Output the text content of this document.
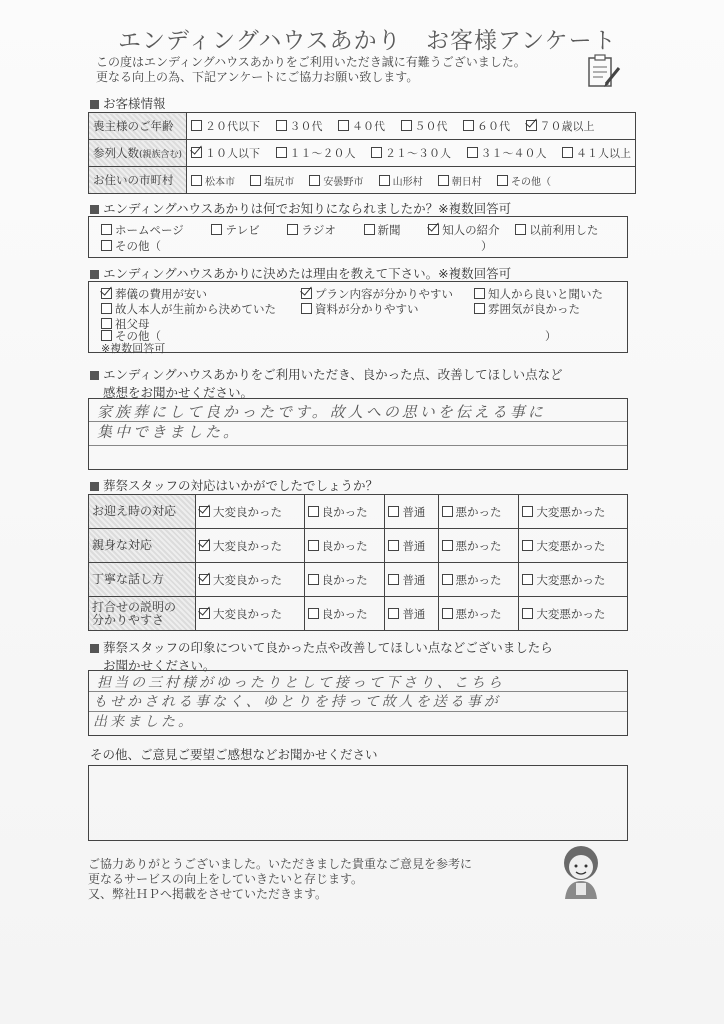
エンディングハウスあかり お客様アンケート
この度はエンディングハウスあかりをご利用いただき誠に有難うございました。
更なる向上の為、下記アンケートにご協力お願い致します。
お客様情報
喪主様のご年齢	２０代以下 ３０代 ４０代 ５０代 ６０代 ７０歳以上
参列人数(親族含む)	１０人以下 １１～２０人 ２１～３０人 ３１～４０人 ４１人以上
お住いの市町村	松本市 塩尻市 安曇野市 山形村 朝日村 その他（
エンディングハウスあかりは何でお知りになられましたか？※複数回答可
ホームページ	テレビ	ラジオ	新聞	知人の紹介	以前利用した
その他（	）
エンディングハウスあかりに決めたは理由を教えて下さい。※複数回答可
葬儀の費用が安い	プラン内容が分かりやすい	知人から良いと聞いた
故人本人が生前から決めていた	資料が分かりやすい	雰囲気が良かった
祖父母
その他（	）
※複数回答可
エンディングハウスあかりをご利用いただき、良かった点、改善してほしい点など
感想をお聞かせください。
家族葬にして良かったです。故人への思いを伝える事に
集中できました。
葬祭スタッフの対応はいかがでしたでしょうか？
お迎え時の対応	大変良かった	良かった	普通	悪かった	大変悪かった

親身な対応	大変良かった	良かった	普通	悪かった	大変悪かった

丁寧な話し方	大変良かった	良かった	普通	悪かった	大変悪かった

打合せの説明の
分かりやすさ	大変良かった	良かった	普通	悪かった	大変悪かった
葬祭スタッフの印象について良かった点や改善してほしい点などございましたら
お聞かせください。
担当の三村様がゆったりとして接って下さり、こちら
もせかされる事なく、ゆとりを持って故人を送る事が
出来ました。
その他、ご意見ご要望ご感想などお聞かせください
ご協力ありがとうございました。いただきました貴重なご意見を参考に
更なるサービスの向上をしていきたいと存じます。
又、弊社ＨＰへ掲載をさせていただきます。
